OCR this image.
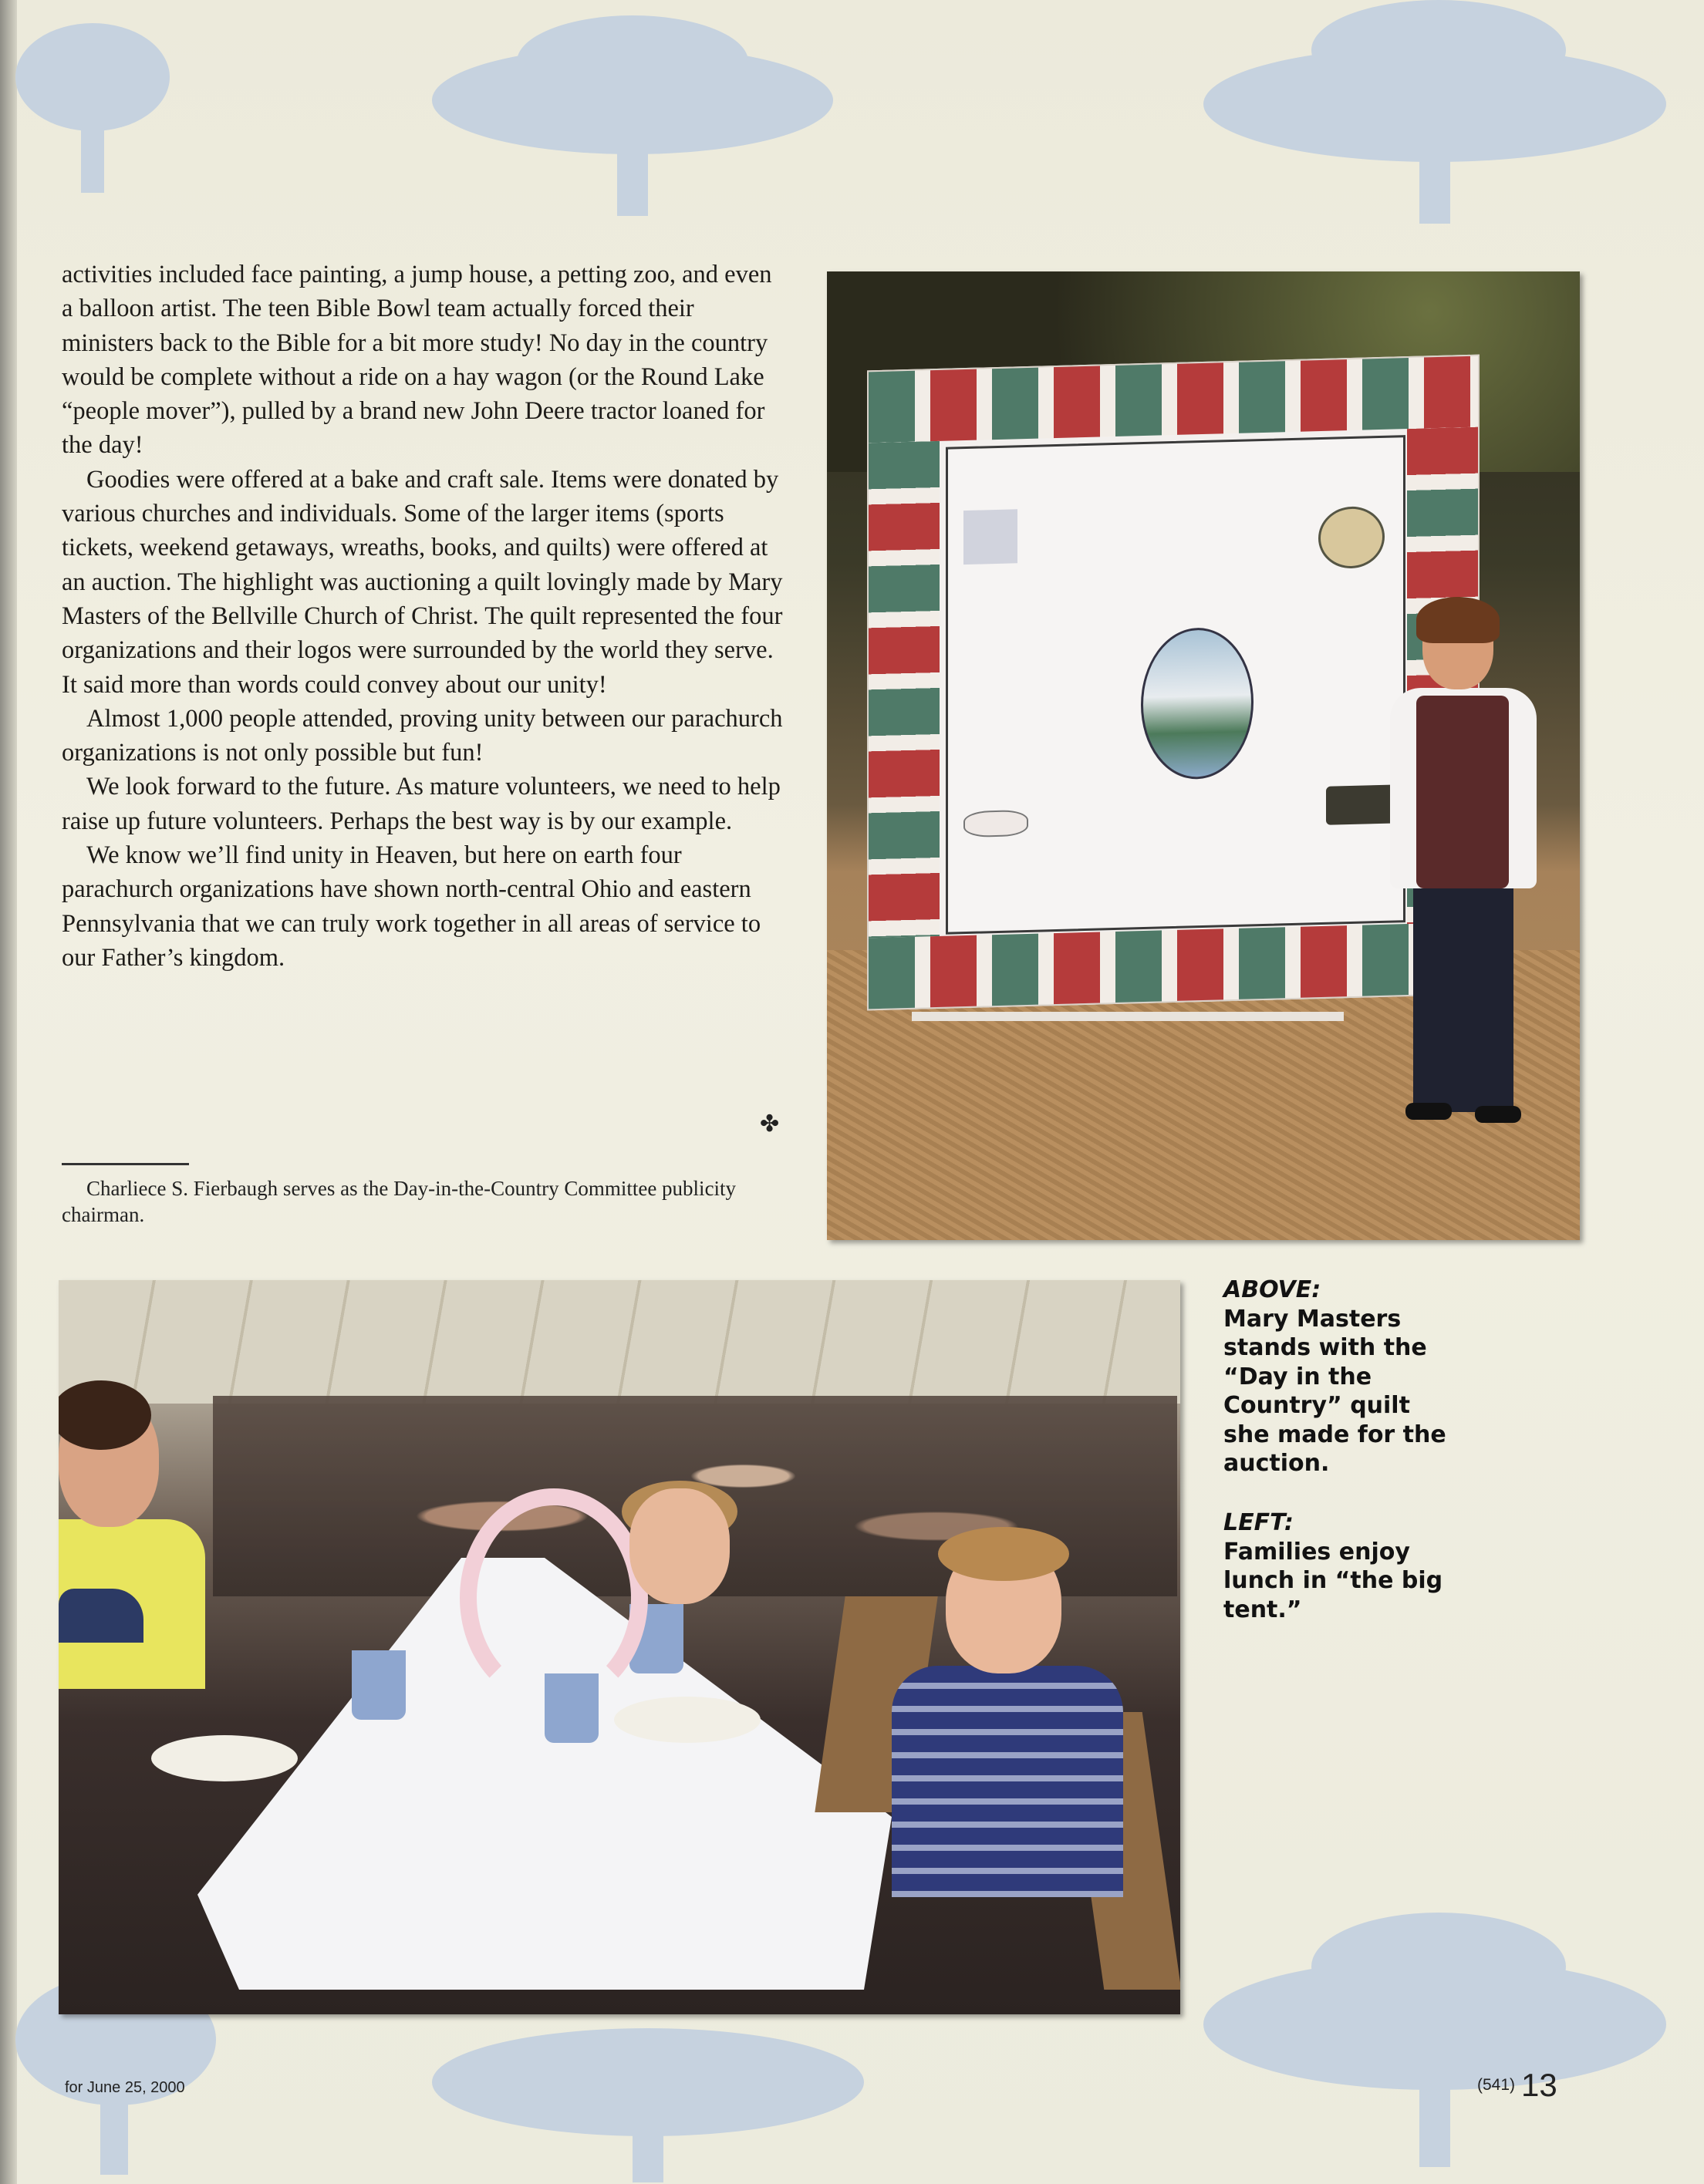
activities included face painting, a jump house, a petting zoo, and even a balloon artist. The teen Bible Bowl team actually forced their ministers back to the Bible for a bit more study! No day in the country would be complete without a ride on a hay wagon (or the Round Lake “people mover”), pulled by a brand new John Deere tractor loaned for the day!

Goodies were offered at a bake and craft sale. Items were donated by various churches and individuals. Some of the larger items (sports tickets, weekend getaways, wreaths, books, and quilts) were offered at an auction. The highlight was auctioning a quilt lovingly made by Mary Masters of the Bellville Church of Christ. The quilt represented the four organizations and their logos were surrounded by the world they serve. It said more than words could convey about our unity!

Almost 1,000 people attended, proving unity between our parachurch organizations is not only possible but fun!

We look forward to the future. As mature volunteers, we need to help raise up future volunteers. Perhaps the best way is by our example.

We know we’ll find unity in Heaven, but here on earth four parachurch organizations have shown north-central Ohio and eastern Pennsylvania that we can truly work together in all areas of service to our Father’s kingdom.

✤
Charliece S. Fierbaugh serves as the Day-in-the-Country Committee publicity chairman.
ABOVE:
Mary Masters stands with the “Day in the Country” quilt she made for the auction.
LEFT:
Families enjoy lunch in “the big tent.”
for June 25, 2000	(541) 13
